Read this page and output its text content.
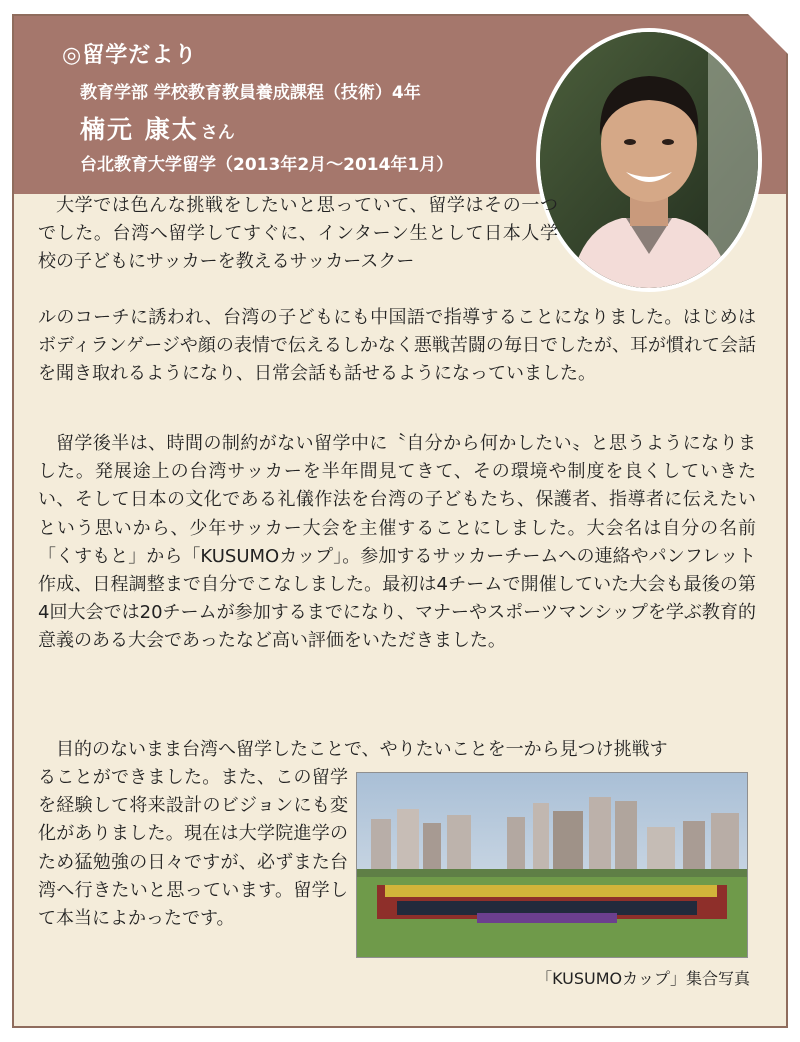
◎留学だより
教育学部 学校教育教員養成課程（技術）4年
楠元 康太 さん
台北教育大学留学（2013年2月～2014年1月）

大学では色んな挑戦をしたいと思っていて、留学はその一つでした。台湾へ留学してすぐに、インターン生として日本人学校の子どもにサッカーを教えるサッカースクー

ルのコーチに誘われ、台湾の子どもにも中国語で指導することになりました。はじめはボディランゲージや顔の表情で伝えるしかなく悪戦苦闘の毎日でしたが、耳が慣れて会話を聞き取れるようになり、日常会話も話せるようになっていました。

留学後半は、時間の制約がない留学中に〝自分から何かしたい〟と思うようになりました。発展途上の台湾サッカーを半年間見てきて、その環境や制度を良くしていきたい、そして日本の文化である礼儀作法を台湾の子どもたち、保護者、指導者に伝えたいという思いから、少年サッカー大会を主催することにしました。大会名は自分の名前「くすもと」から「KUSUMOカップ」。参加するサッカーチームへの連絡やパンフレット作成、日程調整まで自分でこなしました。最初は4チームで開催していた大会も最後の第4回大会では20チームが参加するまでになり、マナーやスポーツマンシップを学ぶ教育的意義のある大会であったなど高い評価をいただきました。

目的のないまま台湾へ留学したことで、やりたいことを一から見つけ挑戦す

ることができました。また、この留学を経験して将来設計のビジョンにも変化がありました。現在は大学院進学のため猛勉強の日々ですが、必ずまた台湾へ行きたいと思っています。留学して本当によかったです。

「KUSUMOカップ」集合写真
